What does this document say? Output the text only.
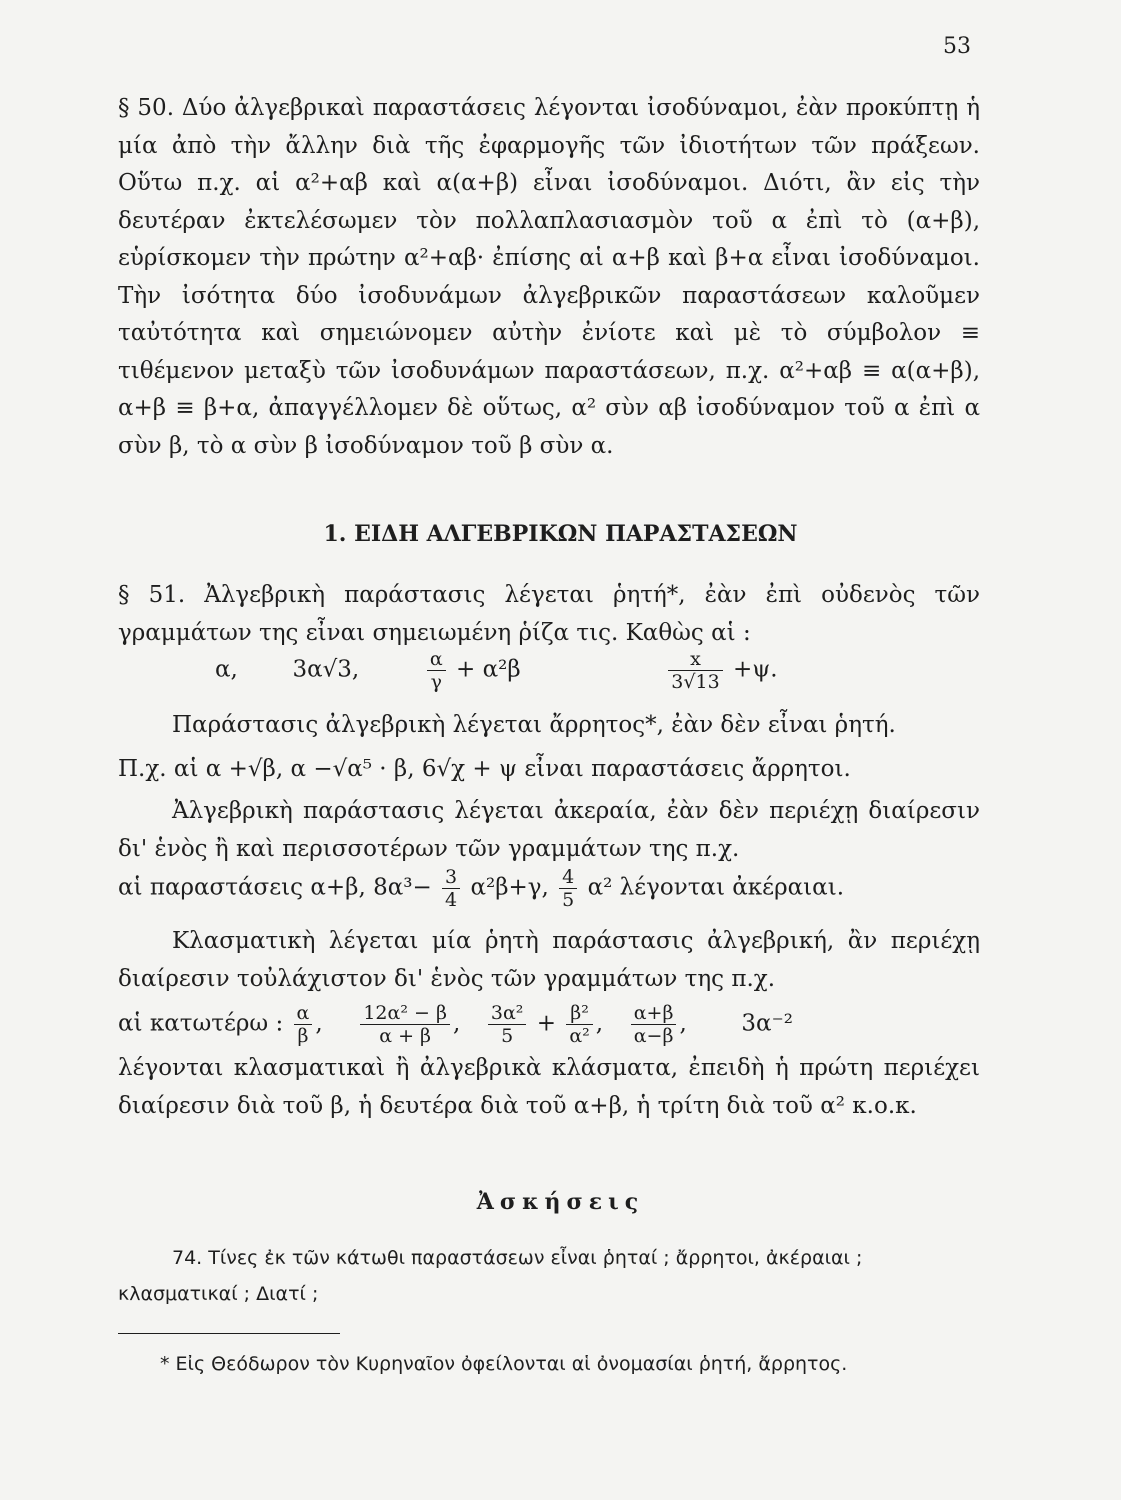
53
§ 50. Δύο ἀλγεβρικαὶ παραστάσεις λέγονται ἰσοδύναμοι, ἐὰν προκύπτῃ ἡ μία ἀπὸ τὴν ἄλλην διὰ τῆς ἐφαρμογῆς τῶν ἰδιοτήτων τῶν πράξεων. Οὕτω π.χ. αἱ α²+αβ καὶ α(α+β) εἶναι ἰσοδύναμοι. Διότι, ἂν εἰς τὴν δευτέραν ἐκτελέσωμεν τὸν πολλαπλασιασμὸν τοῦ α ἐπὶ τὸ (α+β), εὑρίσκομεν τὴν πρώτην α²+αβ· ἐπίσης αἱ α+β καὶ β+α εἶναι ἰσοδύναμοι. Τὴν ἰσότητα δύο ἰσοδυνάμων ἀλγεβρικῶν παραστάσεων καλοῦμεν ταὐτότητα καὶ σημειώνομεν αὐτὴν ἐνίοτε καὶ μὲ τὸ σύμβολον ≡ τιθέμενον μεταξὺ τῶν ἰσοδυνάμων παραστάσεων, π.χ. α²+αβ ≡ α(α+β), α+β ≡ β+α, ἀπαγγέλλομεν δὲ οὕτως, α² σὺν αβ ἰσοδύναμον τοῦ α ἐπὶ α σὺν β, τὸ α σὺν β ἰσοδύναμον τοῦ β σὺν α.
1. ΕΙΔΗ ΑΛΓΕΒΡΙΚΩΝ ΠΑΡΑΣΤΑΣΕΩΝ
§ 51. Ἀλγεβρικὴ παράστασις λέγεται ῥητή*, ἐὰν ἐπὶ οὐδενὸς τῶν γραμμάτων της εἶναι σημειωμένη ῥίζα τις. Καθὼς αἱ :
α, 3α√3,	$\frac{\alpha}{\gamma} + \alpha^2\beta$	$\frac{x}{3√13} +\psi$.
Παράστασις ἀλγεβρικὴ λέγεται ἄρρητος*, ἐὰν δὲν εἶναι ῥητή.
Π.χ. αἱ α +√β, α −√α⁵ · β, 6√χ + ψ εἶναι παραστάσεις ἄρρητοι.
Ἀλγεβρικὴ παράστασις λέγεται ἀκεραία, ἐὰν δὲν περιέχῃ διαίρεσιν δι' ἑνὸς ἢ καὶ περισσοτέρων τῶν γραμμάτων της π.χ.
αἱ παραστάσεις α+β, $8\alpha^3- \frac{3}{4} \alpha^2\beta+\gamma$, $\frac{4}{5} \alpha^2$ λέγονται ἀκέραιαι.
Κλασματικὴ λέγεται μία ῥητὴ παράστασις ἀλγεβρική, ἂν περιέχῃ διαίρεσιν τοὐλάχιστον δι' ἑνὸς τῶν γραμμάτων της π.χ.
αἱ κατωτέρω : $\frac{\alpha}{\beta}$ , $\frac{\text{12α² − β}}{\alpha + \beta}$ , $\frac{\text{3α²}}{5} + \frac{\text{β²}}{\text{α²}}$ , $\frac{\alpha+\beta}{\alpha-\beta}$ ,  3α⁻²
λέγονται κλασματικαὶ ἢ ἀλγεβρικὰ κλάσματα, ἐπειδὴ ἡ πρώτη περιέχει διαίρεσιν διὰ τοῦ β, ἡ δευτέρα διὰ τοῦ α+β, ἡ τρίτη διὰ τοῦ α² κ.ο.κ.
Ἀσκήσεις
74. Τίνες ἐκ τῶν κάτωθι παραστάσεων εἶναι ῥηταί ; ἄρρητοι, ἀκέραιαι ; κλασματικαί ; Διατί ;
* Εἰς Θεόδωρον τὸν Κυρηναῖον ὀφείλονται αἱ ὀνομασίαι ῥητή, ἄρρητος.
